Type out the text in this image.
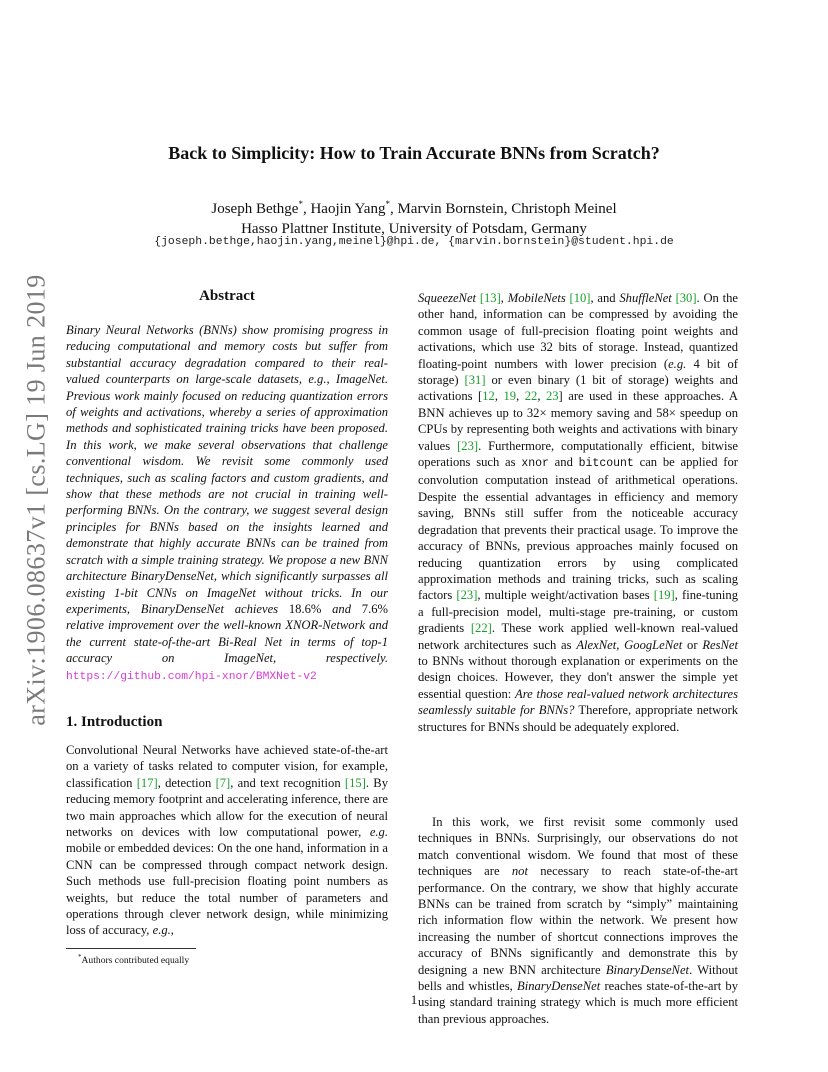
arXiv:1906.08637v1 [cs.LG] 19 Jun 2019
Back to Simplicity: How to Train Accurate BNNs from Scratch?
Joseph Bethge*, Haojin Yang*, Marvin Bornstein, Christoph Meinel
Hasso Plattner Institute, University of Potsdam, Germany
{joseph.bethge,haojin.yang,meinel}@hpi.de, {marvin.bornstein}@student.hpi.de
Abstract
Binary Neural Networks (BNNs) show promising progress in reducing computational and memory costs but suffer from substantial accuracy degradation compared to their real-valued counterparts on large-scale datasets, e.g., ImageNet. Previous work mainly focused on reducing quantization errors of weights and activations, whereby a series of approximation methods and sophisticated training tricks have been proposed. In this work, we make several observations that challenge conventional wisdom. We revisit some commonly used techniques, such as scaling factors and custom gradients, and show that these methods are not crucial in training well-performing BNNs. On the contrary, we suggest several design principles for BNNs based on the insights learned and demonstrate that highly accurate BNNs can be trained from scratch with a simple training strategy. We propose a new BNN architecture BinaryDenseNet, which significantly surpasses all existing 1-bit CNNs on ImageNet without tricks. In our experiments, BinaryDenseNet achieves 18.6% and 7.6% relative improvement over the well-known XNOR-Network and the current state-of-the-art Bi-Real Net in terms of top-1 accuracy on ImageNet, respectively. https://github.com/hpi-xnor/BMXNet-v2
1. Introduction
Convolutional Neural Networks have achieved state-of-the-art on a variety of tasks related to computer vision, for example, classification [17], detection [7], and text recognition [15]. By reducing memory footprint and accelerating inference, there are two main approaches which allow for the execution of neural networks on devices with low computational power, e.g. mobile or embedded devices: On the one hand, information in a CNN can be compressed through compact network design. Such methods use full-precision floating point numbers as weights, but reduce the total number of parameters and operations through clever network design, while minimizing loss of accuracy, e.g.,
SqueezeNet [13], MobileNets [10], and ShuffleNet [30]. On the other hand, information can be compressed by avoiding the common usage of full-precision floating point weights and activations, which use 32 bits of storage. Instead, quantized floating-point numbers with lower precision (e.g. 4 bit of storage) [31] or even binary (1 bit of storage) weights and activations [12, 19, 22, 23] are used in these approaches. A BNN achieves up to 32× memory saving and 58× speedup on CPUs by representing both weights and activations with binary values [23]. Furthermore, computationally efficient, bitwise operations such as xnor and bitcount can be applied for convolution computation instead of arithmetical operations. Despite the essential advantages in efficiency and memory saving, BNNs still suffer from the noticeable accuracy degradation that prevents their practical usage. To improve the accuracy of BNNs, previous approaches mainly focused on reducing quantization errors by using complicated approximation methods and training tricks, such as scaling factors [23], multiple weight/activation bases [19], fine-tuning a full-precision model, multi-stage pre-training, or custom gradients [22]. These work applied well-known real-valued network architectures such as AlexNet, GoogLeNet or ResNet to BNNs without thorough explanation or experiments on the design choices. However, they don't answer the simple yet essential question: Are those real-valued network architectures seamlessly suitable for BNNs? Therefore, appropriate network structures for BNNs should be adequately explored.
In this work, we first revisit some commonly used techniques in BNNs. Surprisingly, our observations do not match conventional wisdom. We found that most of these techniques are not necessary to reach state-of-the-art performance. On the contrary, we show that highly accurate BNNs can be trained from scratch by “simply” maintaining rich information flow within the network. We present how increasing the number of shortcut connections improves the accuracy of BNNs significantly and demonstrate this by designing a new BNN architecture BinaryDenseNet. Without bells and whistles, BinaryDenseNet reaches state-of-the-art by using standard training strategy which is much more efficient than previous approaches.
*Authors contributed equally
1
